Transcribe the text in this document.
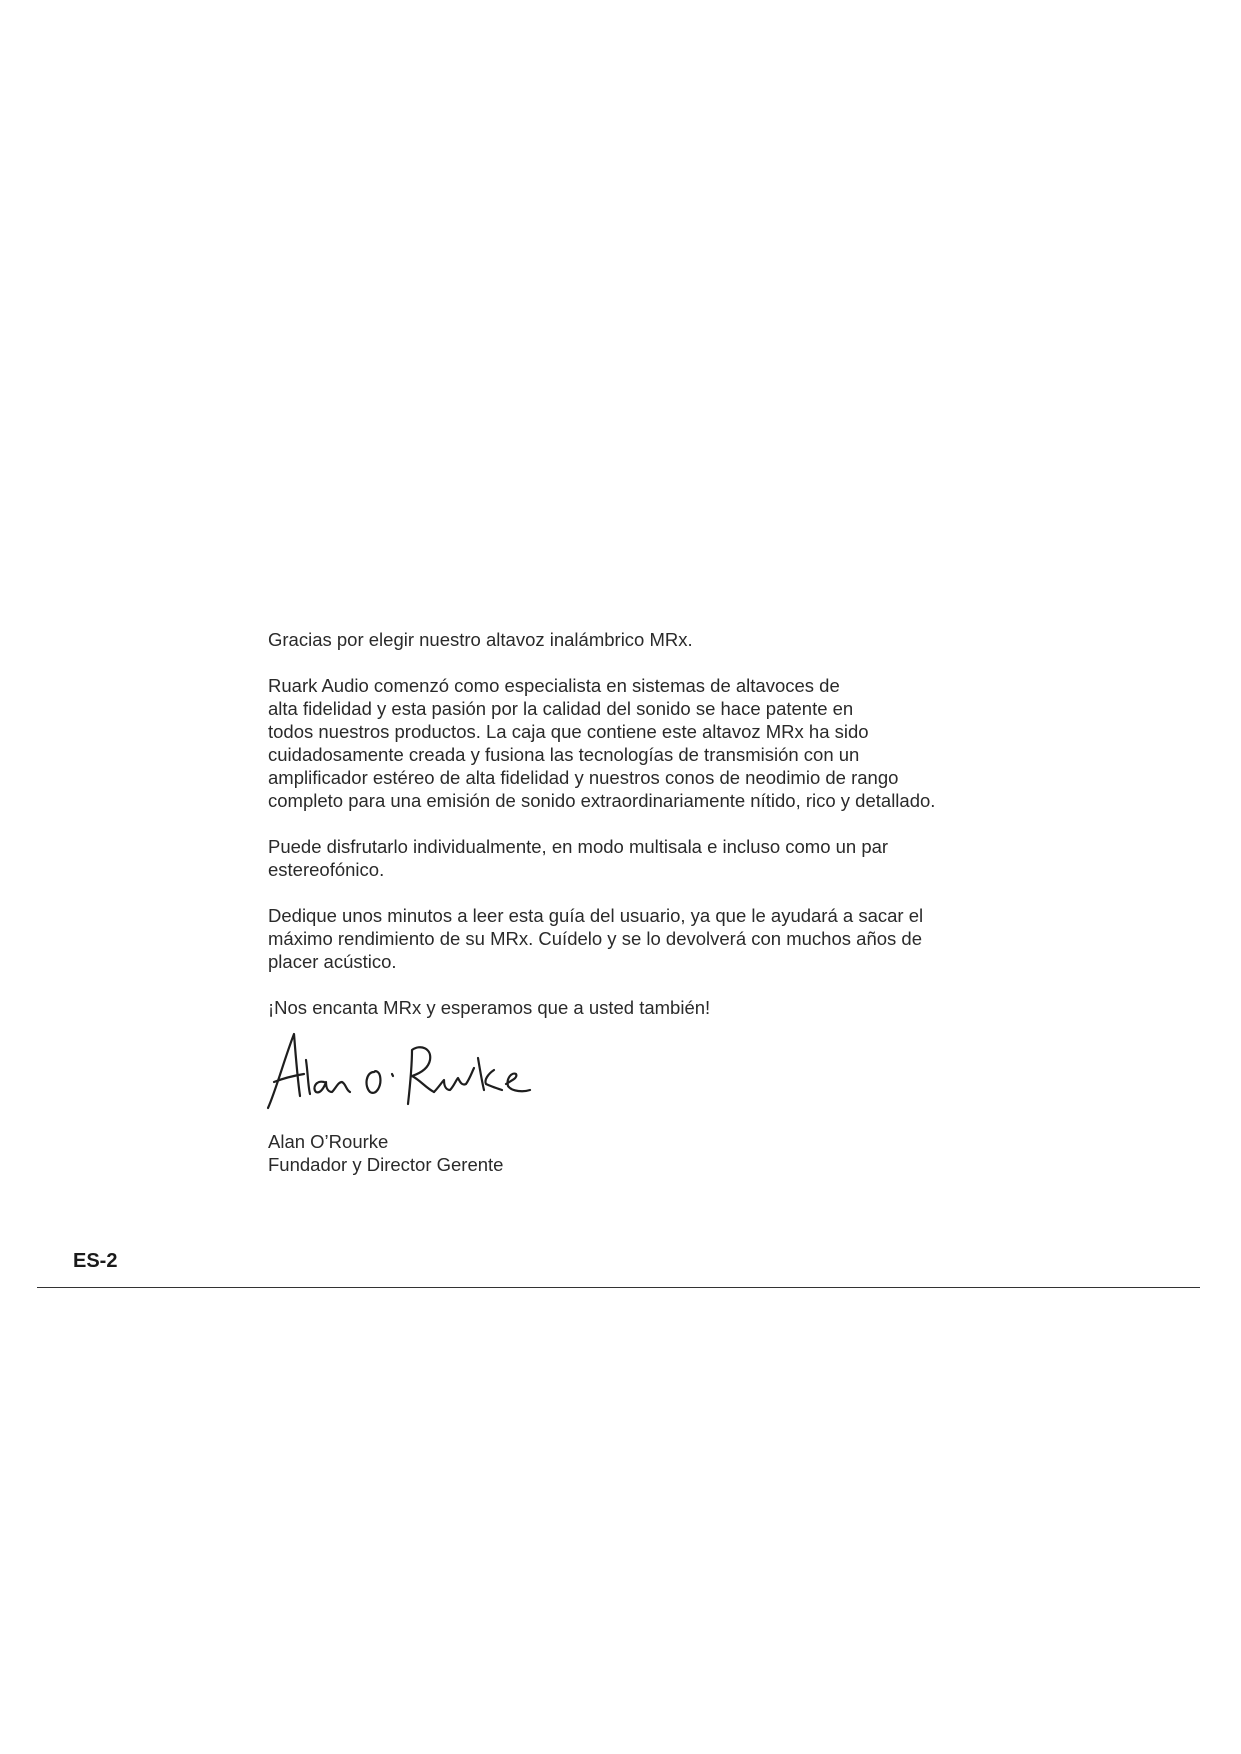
Gracias por elegir nuestro altavoz inalámbrico MRx.

Ruark Audio comenzó como especialista en sistemas de altavoces de
alta fidelidad y esta pasión por la calidad del sonido se hace patente en
todos nuestros productos. La caja que contiene este altavoz MRx ha sido
cuidadosamente creada y fusiona las tecnologías de transmisión con un
amplificador estéreo de alta fidelidad y nuestros conos de neodimio de rango
completo para una emisión de sonido extraordinariamente nítido, rico y detallado.

Puede disfrutarlo individualmente, en modo multisala e incluso como un par
estereofónico.

Dedique unos minutos a leer esta guía del usuario, ya que le ayudará a sacar el
máximo rendimiento de su MRx. Cuídelo y se lo devolverá con muchos años de
placer acústico.

¡Nos encanta MRx y esperamos que a usted también!

Alan O’Rourke
Fundador y Director Gerente
ES-2
